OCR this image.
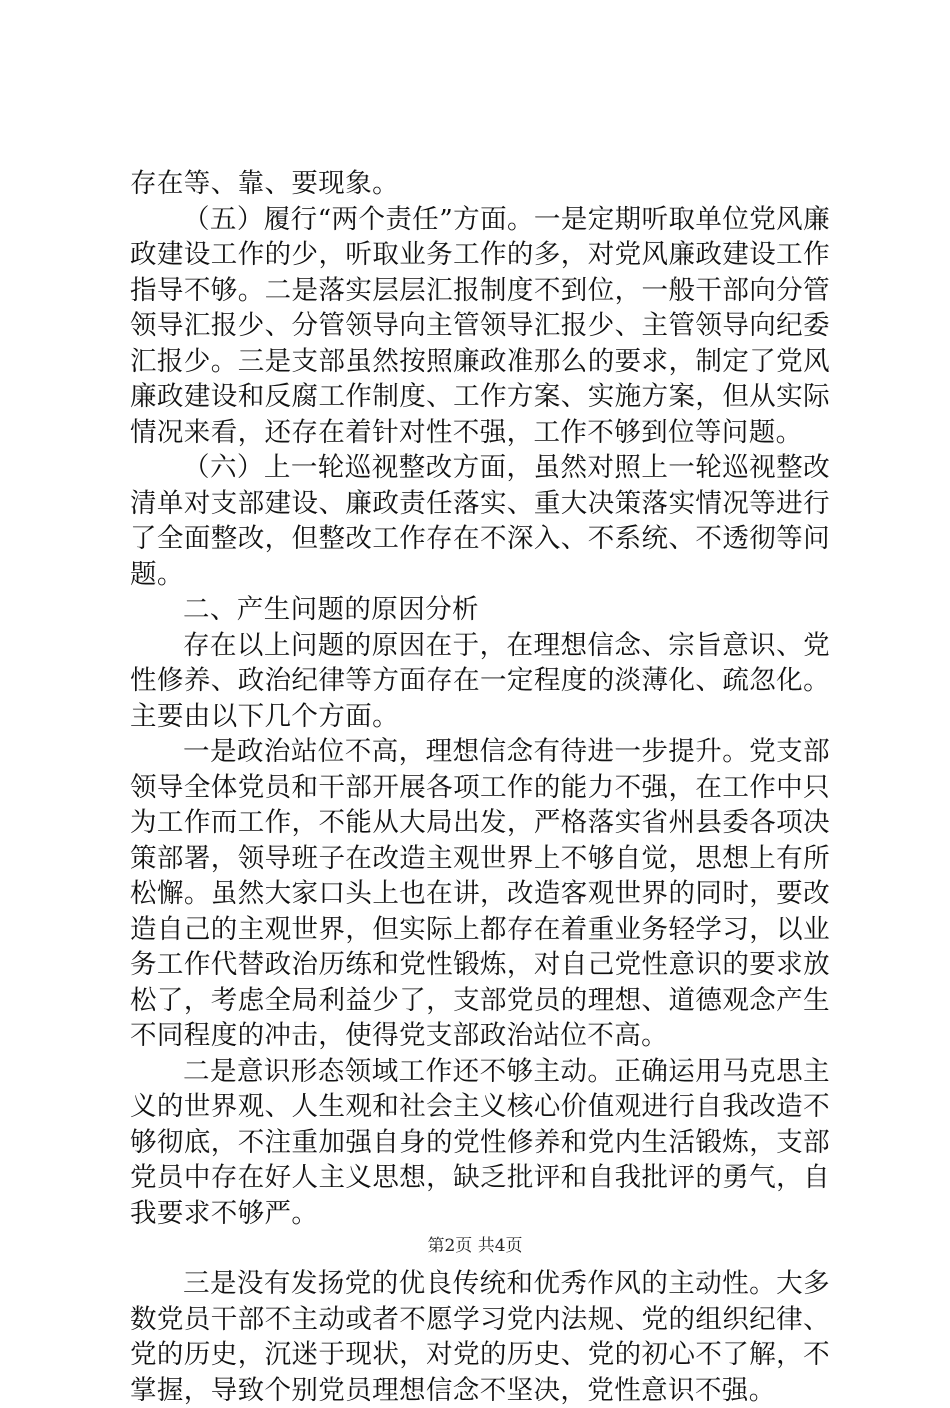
存在等、靠、要现象。

（五）履行“两个责任”方面。一是定期听取单位党风廉政建设工作的少，听取业务工作的多，对党风廉政建设工作指导不够。二是落实层层汇报制度不到位，一般干部向分管领导汇报少、分管领导向主管领导汇报少、主管领导向纪委汇报少。三是支部虽然按照廉政准那么的要求，制定了党风廉政建设和反腐工作制度、工作方案、实施方案，但从实际情况来看，还存在着针对性不强，工作不够到位等问题。

（六）上一轮巡视整改方面，虽然对照上一轮巡视整改清单对支部建设、廉政责任落实、重大决策落实情况等进行了全面整改，但整改工作存在不深入、不系统、不透彻等问题。

二、产生问题的原因分析

存在以上问题的原因在于，在理想信念、宗旨意识、党性修养、政治纪律等方面存在一定程度的淡薄化、疏忽化。主要由以下几个方面。

一是政治站位不高，理想信念有待进一步提升。党支部领导全体党员和干部开展各项工作的能力不强，在工作中只为工作而工作，不能从大局出发，严格落实省州县委各项决策部署，领导班子在改造主观世界上不够自觉，思想上有所松懈。虽然大家口头上也在讲，改造客观世界的同时，要改造自己的主观世界，但实际上都存在着重业务轻学习，以业务工作代替政治历练和党性锻炼，对自己党性意识的要求放松了，考虑全局利益少了，支部党员的理想、道德观念产生不同程度的冲击，使得党支部政治站位不高。

二是意识形态领域工作还不够主动。正确运用马克思主义的世界观、人生观和社会主义核心价值观进行自我改造不够彻底，不注重加强自身的党性修养和党内生活锻炼，支部党员中存在好人主义思想，缺乏批评和自我批评的勇气，自我要求不够严。

三是没有发扬党的优良传统和优秀作风的主动性。大多数党员干部不主动或者不愿学习党内法规、党的组织纪律、党的历史，沉迷于现状，对党的历史、党的初心不了解，不掌握，导致个别党员理想信念不坚决，党性意识不强。

第2页 共4页
